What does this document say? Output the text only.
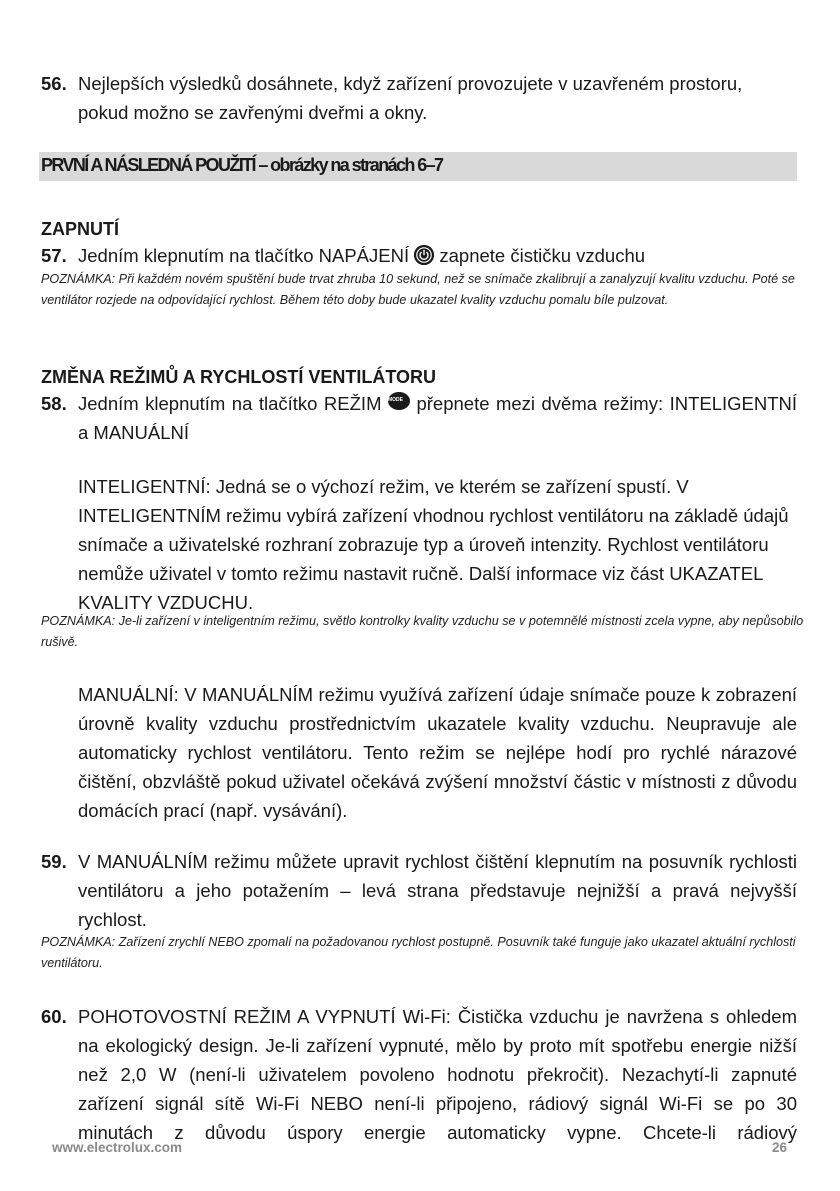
56. Nejlepších výsledků dosáhnete, když zařízení provozujete v uzavřeném prostoru, pokud možno se zavřenými dveřmi a okny.
PRVNÍ A NÁSLEDNÁ POUŽITÍ – obrázky na stranách 6–7
ZAPNUTÍ
57. Jedním klepnutím na tlačítko NAPÁJENÍ zapnete čističku vzduchu
POZNÁMKA: Při každém novém spuštění bude trvat zhruba 10 sekund, než se snímače zkalibrují a zanalyzují kvalitu vzduchu. Poté se ventilátor rozjede na odpovídající rychlost. Během této doby bude ukazatel kvality vzduchu pomalu bíle pulzovat.
ZMĚNA REŽIMŮ A RYCHLOSTÍ VENTILÁTORU
58. Jedním klepnutím na tlačítko REŽIM MODE přepnete mezi dvěma režimy: INTELIGENTNÍ a MANUÁLNÍ
INTELIGENTNÍ: Jedná se o výchozí režim, ve kterém se zařízení spustí. V INTELIGENTNÍM režimu vybírá zařízení vhodnou rychlost ventilátoru na základě údajů snímače a uživatelské rozhraní zobrazuje typ a úroveň intenzity. Rychlost ventilátoru nemůže uživatel v tomto režimu nastavit ručně. Další informace viz část UKAZATEL KVALITY VZDUCHU.
POZNÁMKA: Je-li zařízení v inteligentním režimu, světlo kontrolky kvality vzduchu se v potemnělé místnosti zcela vypne, aby nepůsobilo rušivě.
MANUÁLNÍ: V MANUÁLNÍM režimu využívá zařízení údaje snímače pouze k zobrazení úrovně kvality vzduchu prostřednictvím ukazatele kvality vzduchu. Neupravuje ale automaticky rychlost ventilátoru. Tento režim se nejlépe hodí pro rychlé nárazové čištění, obzvláště pokud uživatel očekává zvýšení množství částic v místnosti z důvodu domácích prací (např. vysávání).
59. V MANUÁLNÍM režimu můžete upravit rychlost čištění klepnutím na posuvník rychlosti ventilátoru a jeho potažením – levá strana představuje nejnižší a pravá nejvyšší rychlost.
POZNÁMKA: Zařízení zrychlí NEBO zpomalí na požadovanou rychlost postupně. Posuvník také funguje jako ukazatel aktuální rychlosti ventilátoru.
60. POHOTOVOSTNÍ REŽIM A VYPNUTÍ Wi-Fi: Čistička vzduchu je navržena s ohledem na ekologický design. Je-li zařízení vypnuté, mělo by proto mít spotřebu energie nižší než 2,0 W (není-li uživatelem povoleno hodnotu překročit). Nezachytí-li zapnuté zařízení signál sítě Wi-Fi NEBO není-li připojeno, rádiový signál Wi-Fi se po 30 minutách z důvodu úspory energie automaticky vypne. Chcete-li rádiový
www.electrolux.com	26
